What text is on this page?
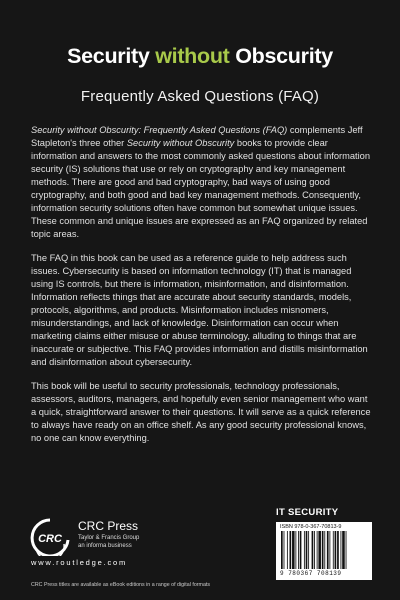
Security without Obscurity
Frequently Asked Questions (FAQ)

Security without Obscurity: Frequently Asked Questions (FAQ) complements Jeff Stapleton's three other Security without Obscurity books to provide clear information and answers to the most commonly asked questions about information security (IS) solutions that use or rely on cryptography and key management methods. There are good and bad cryptography, bad ways of using good cryptography, and both good and bad key management methods. Consequently, information security solutions often have common but somewhat unique issues. These common and unique issues are expressed as an FAQ organized by related topic areas.

The FAQ in this book can be used as a reference guide to help address such issues. Cybersecurity is based on information technology (IT) that is managed using IS controls, but there is information, misinformation, and disinformation. Information reflects things that are accurate about security standards, models, protocols, algorithms, and products. Misinformation includes misnomers, misunderstandings, and lack of knowledge. Disinformation can occur when marketing claims either misuse or abuse terminology, alluding to things that are inaccurate or subjective. This FAQ provides information and distills misinformation and disinformation about cybersecurity.

This book will be useful to security professionals, technology professionals, assessors, auditors, managers, and hopefully even senior management who want a quick, straightforward answer to their questions. It will serve as a quick reference to always have ready on an office shelf. As any good security professional knows, no one can know everything.

IT SECURITY
ISBN 978-0-367-70813-9
9 780367 708139
CRC
CRC Press
Taylor & Francis Group
an informa business
www.routledge.com
CRC Press titles are available as eBook editions in a range of digital formats
